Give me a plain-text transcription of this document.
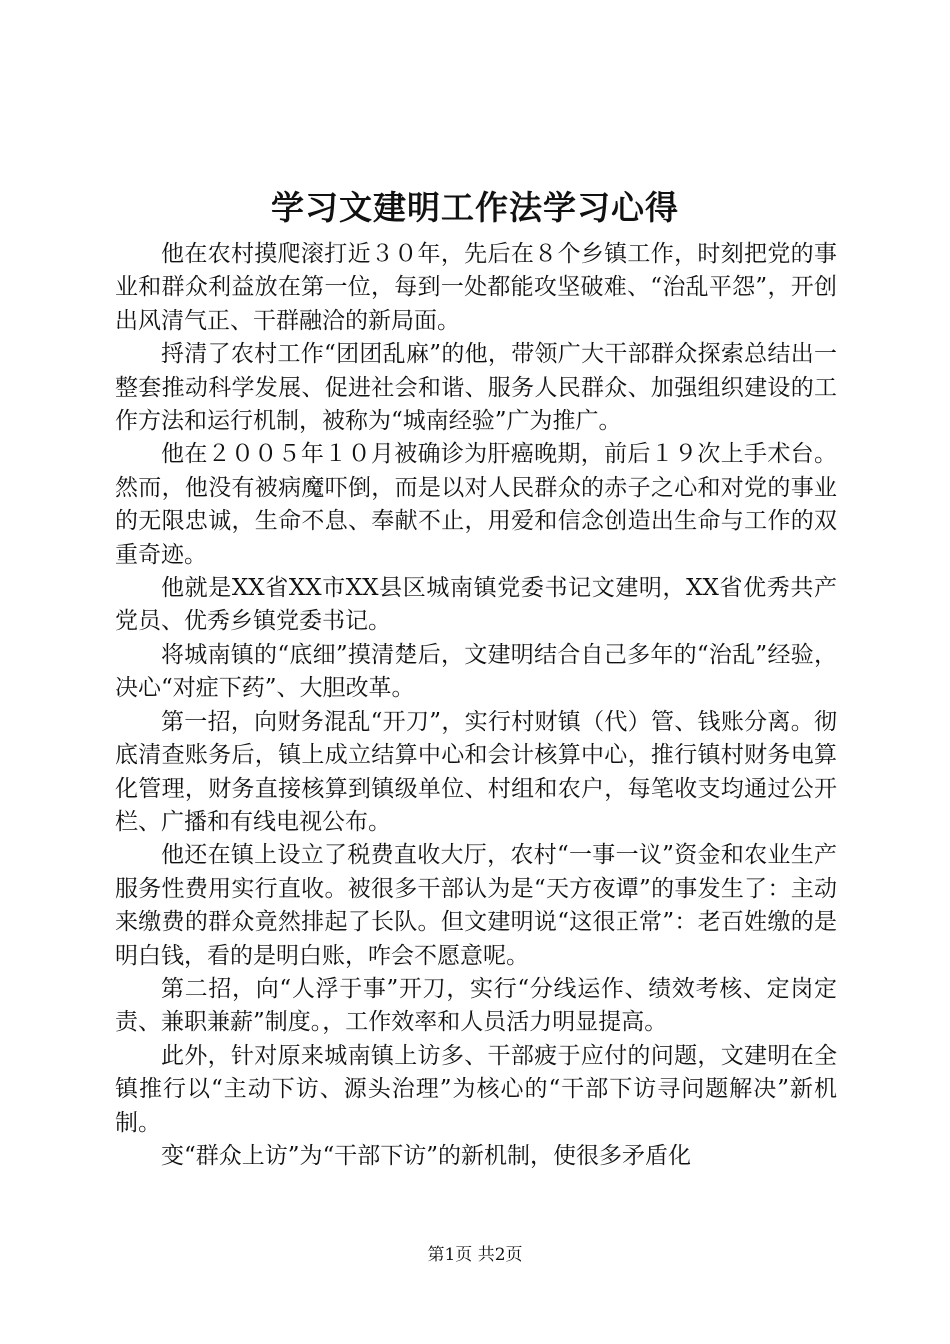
学习文建明工作法学习心得

他在农村摸爬滚打近３０年，先后在８个乡镇工作，时刻把党的事业和群众利益放在第一位，每到一处都能攻坚破难、“治乱平怨”，开创出风清气正、干群融洽的新局面。

捋清了农村工作“团团乱麻”的他，带领广大干部群众探索总结出一整套推动科学发展、促进社会和谐、服务人民群众、加强组织建设的工作方法和运行机制，被称为“城南经验”广为推广。

他在２００５年１０月被确诊为肝癌晚期，前后１９次上手术台。然而，他没有被病魔吓倒，而是以对人民群众的赤子之心和对党的事业的无限忠诚，生命不息、奉献不止，用爱和信念创造出生命与工作的双重奇迹。

他就是XX省XX市XX县区城南镇党委书记文建明，XX省优秀共产党员、优秀乡镇党委书记。

将城南镇的“底细”摸清楚后，文建明结合自己多年的“治乱”经验，决心“对症下药”、大胆改革。

第一招，向财务混乱“开刀”，实行村财镇（代）管、钱账分离。彻底清查账务后，镇上成立结算中心和会计核算中心，推行镇村财务电算化管理，财务直接核算到镇级单位、村组和农户，每笔收支均通过公开栏、广播和有线电视公布。

他还在镇上设立了税费直收大厅，农村“一事一议”资金和农业生产服务性费用实行直收。被很多干部认为是“天方夜谭”的事发生了：主动来缴费的群众竟然排起了长队。但文建明说“这很正常”：老百姓缴的是明白钱，看的是明白账，咋会不愿意呢。

第二招，向“人浮于事”开刀，实行“分线运作、绩效考核、定岗定责、兼职兼薪”制度。，工作效率和人员活力明显提高。

此外，针对原来城南镇上访多、干部疲于应付的问题，文建明在全镇推行以“主动下访、源头治理”为核心的“干部下访寻问题解决”新机制。

变“群众上访”为“干部下访”的新机制，使很多矛盾化

第1页 共2页
